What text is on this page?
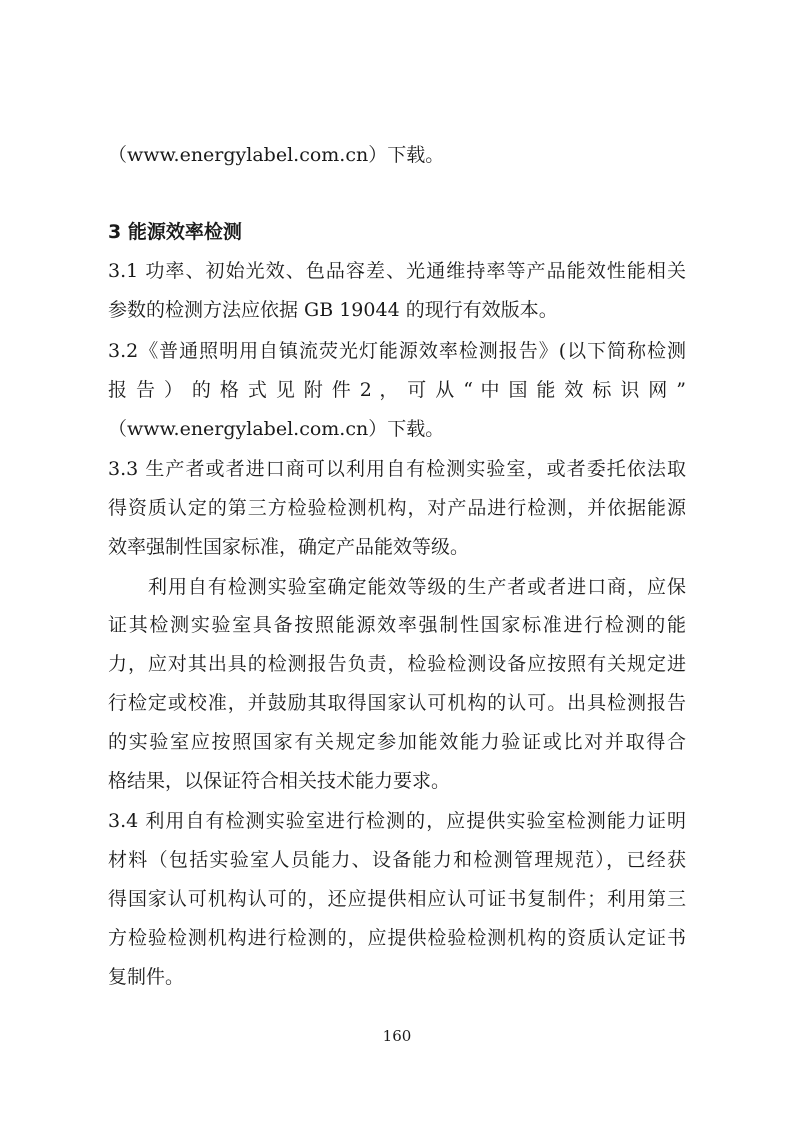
（www.energylabel.com.cn）下载。
3 能源效率检测
3.1 功率、初始光效、色品容差、光通维持率等产品能效性能相关
参数的检测方法应依据 GB 19044 的现行有效版本。
3.2《普通照明用自镇流荧光灯能源效率检测报告》(以下简称检测
报 告 ） 的 格 式 见 附 件 2 ， 可 从 “ 中 国 能 效 标 识 网 ”
（www.energylabel.com.cn）下载。
3.3 生产者或者进口商可以利用自有检测实验室，或者委托依法取
得资质认定的第三方检验检测机构，对产品进行检测，并依据能源
效率强制性国家标准，确定产品能效等级。
利用自有检测实验室确定能效等级的生产者或者进口商，应保
证其检测实验室具备按照能源效率强制性国家标准进行检测的能
力，应对其出具的检测报告负责，检验检测设备应按照有关规定进
行检定或校准，并鼓励其取得国家认可机构的认可。出具检测报告
的实验室应按照国家有关规定参加能效能力验证或比对并取得合
格结果，以保证符合相关技术能力要求。
3.4 利用自有检测实验室进行检测的，应提供实验室检测能力证明
材料（包括实验室人员能力、设备能力和检测管理规范），已经获
得国家认可机构认可的，还应提供相应认可证书复制件；利用第三
方检验检测机构进行检测的，应提供检验检测机构的资质认定证书
复制件。
160
